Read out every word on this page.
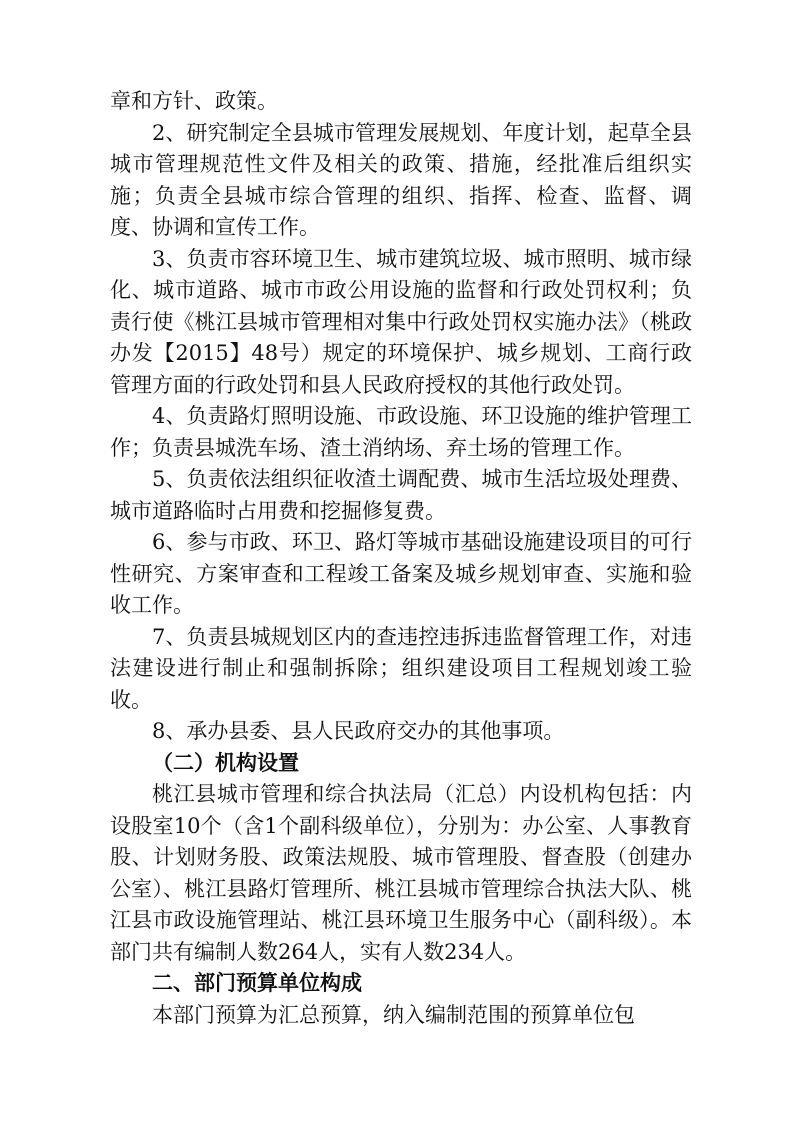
章和方针、政策。

2、研究制定全县城市管理发展规划、年度计划，起草全县城市管理规范性文件及相关的政策、措施，经批准后组织实施；负责全县城市综合管理的组织、指挥、检查、监督、调度、协调和宣传工作。

3、负责市容环境卫生、城市建筑垃圾、城市照明、城市绿化、城市道路、城市市政公用设施的监督和行政处罚权利；负责行使《桃江县城市管理相对集中行政处罚权实施办法》（桃政办发【2015】48号）规定的环境保护、城乡规划、工商行政管理方面的行政处罚和县人民政府授权的其他行政处罚。

4、负责路灯照明设施、市政设施、环卫设施的维护管理工作；负责县城洗车场、渣土消纳场、弃土场的管理工作。

5、负责依法组织征收渣土调配费、城市生活垃圾处理费、城市道路临时占用费和挖掘修复费。

6、参与市政、环卫、路灯等城市基础设施建设项目的可行性研究、方案审查和工程竣工备案及城乡规划审查、实施和验收工作。

7、负责县城规划区内的查违控违拆违监督管理工作，对违法建设进行制止和强制拆除；组织建设项目工程规划竣工验收。

8、承办县委、县人民政府交办的其他事项。

（二）机构设置

桃江县城市管理和综合执法局（汇总）内设机构包括：内设股室10个（含1个副科级单位），分别为：办公室、人事教育股、计划财务股、政策法规股、城市管理股、督查股（创建办公室）、桃江县路灯管理所、桃江县城市管理综合执法大队、桃江县市政设施管理站、桃江县环境卫生服务中心（副科级）。本部门共有编制人数264人，实有人数234人。

二、部门预算单位构成

本部门预算为汇总预算，纳入编制范围的预算单位包
